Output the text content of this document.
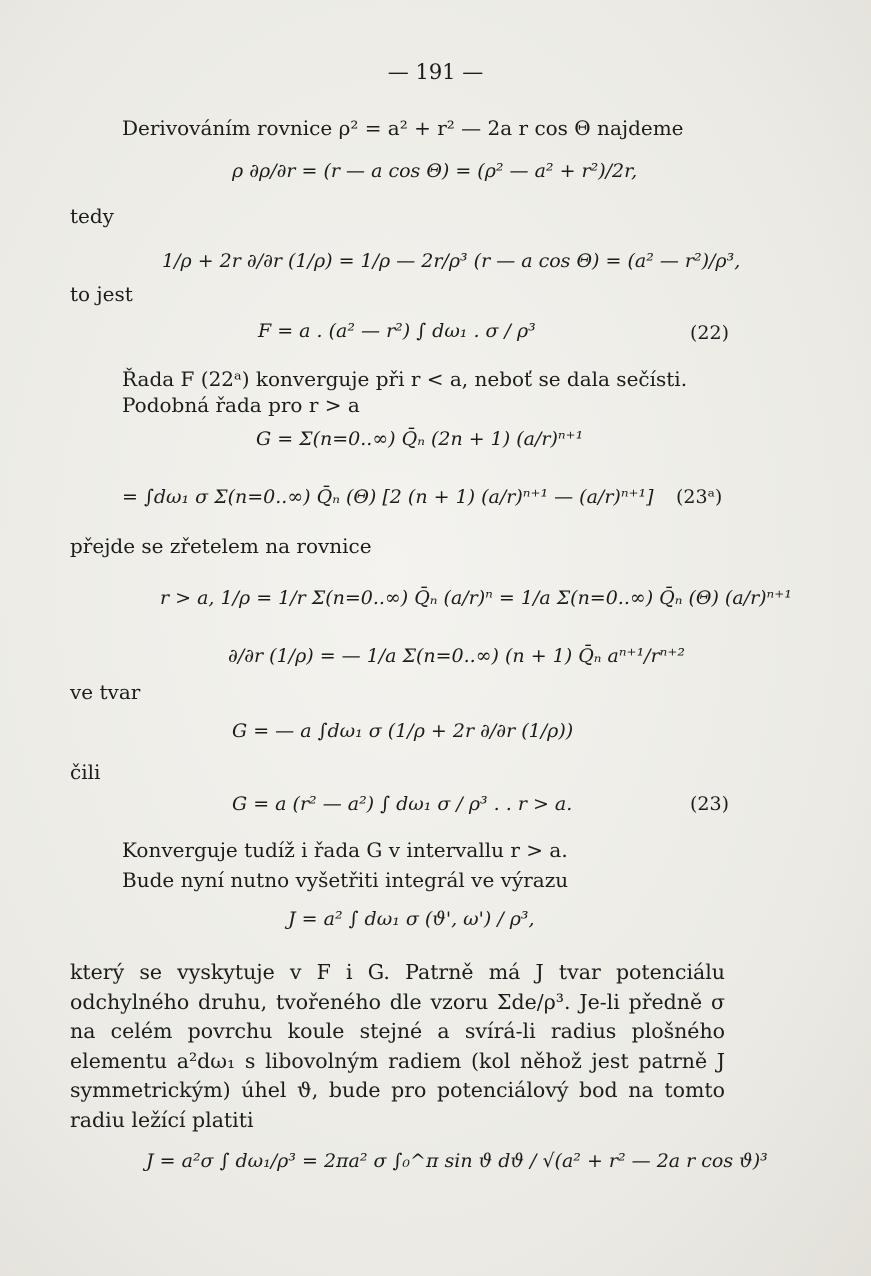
— 191 —
Derivováním rovnice ρ² = a² + r² — 2a r cos Θ najdeme
ρ ∂ρ/∂r = (r — a cos Θ) = (ρ² — a² + r²)/2r,
tedy
1/ρ + 2r ∂/∂r (1/ρ) = 1/ρ — 2r/ρ³ (r — a cos Θ) = (a² — r²)/ρ³,
to jest
F = a . (a² — r²) ∫ dω₁ . σ / ρ³	(22)
Řada F (22ᵃ) konverguje při r < a, neboť se dala sečísti.
Podobná řada pro r > a
G = Σ(n=0..∞) Q̄ₙ (2n + 1) (a/r)ⁿ⁺¹
= ∫dω₁ σ Σ(n=0..∞) Q̄ₙ (Θ) [2 (n + 1) (a/r)ⁿ⁺¹ — (a/r)ⁿ⁺¹] (23ᵃ)
přejde se zřetelem na rovnice
r > a, 1/ρ = 1/r Σ(n=0..∞) Q̄ₙ (a/r)ⁿ = 1/a Σ(n=0..∞) Q̄ₙ (Θ) (a/r)ⁿ⁺¹
∂/∂r (1/ρ) = — 1/a Σ(n=0..∞) (n + 1) Q̄ₙ aⁿ⁺¹/rⁿ⁺²
ve tvar
G = — a ∫dω₁ σ (1/ρ + 2r ∂/∂r (1/ρ))
čili
G = a (r² — a²) ∫ dω₁ σ / ρ³ . . r > a.	(23)
Konverguje tudíž i řada G v intervallu r > a.
Bude nyní nutno vyšetřiti integrál ve výrazu
J = a² ∫ dω₁ σ (ϑ', ω') / ρ³,

který se vyskytuje v F i G. Patrně má J tvar potenciálu odchylného druhu, tvořeného dle vzoru Σde/ρ³. Je-li předně σ na celém povrchu koule stejné a svírá-li radius plošného elementu a²dω₁ s libovolným radiem (kol něhož jest patrně J symmetrickým) úhel ϑ, bude pro potenciálový bod na tomto radiu ležící platiti

J = a²σ ∫ dω₁/ρ³ = 2πa² σ ∫₀^π sin ϑ dϑ / √(a² + r² — 2a r cos ϑ)³
